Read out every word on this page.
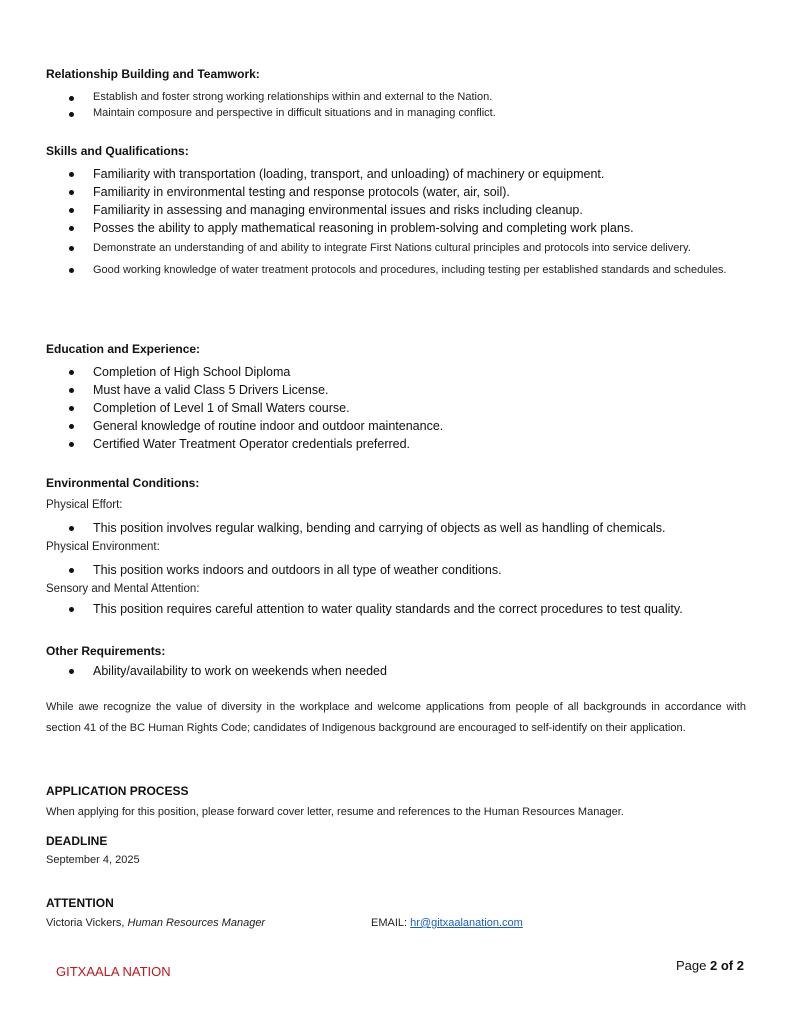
Relationship Building and Teamwork:

Establish and foster strong working relationships within and external to the Nation.
Maintain composure and perspective in difficult situations and in managing conflict.

Skills and Qualifications:

Familiarity with transportation (loading, transport, and unloading) of machinery or equipment.
Familiarity in environmental testing and response protocols (water, air, soil).
Familiarity in assessing and managing environmental issues and risks including cleanup.
Posses the ability to apply mathematical reasoning in problem-solving and completing work plans.
Demonstrate an understanding of and ability to integrate First Nations cultural principles and protocols into service delivery.
Good working knowledge of water treatment protocols and procedures, including testing per established standards and schedules.

Education and Experience:

Completion of High School Diploma
Must have a valid Class 5 Drivers License.
Completion of Level 1 of Small Waters course.
General knowledge of routine indoor and outdoor maintenance.
Certified Water Treatment Operator credentials preferred.

Environmental Conditions:

Physical Effort:

This position involves regular walking, bending and carrying of objects as well as handling of chemicals.

Physical Environment:

This position works indoors and outdoors in all type of weather conditions.

Sensory and Mental Attention:

This position requires careful attention to water quality standards and the correct procedures to test quality.

Other Requirements:

Ability/availability to work on weekends when needed

While awe recognize the value of diversity in the workplace and welcome applications from people of all backgrounds in accordance with section 41 of the BC Human Rights Code; candidates of Indigenous background are encouraged to self-identify on their application.

APPLICATION PROCESS

When applying for this position, please forward cover letter, resume and references to the Human Resources Manager.

DEADLINE

September 4, 2025

ATTENTION

Victoria Vickers, Human Resources Manager	EMAIL: hr@gitxaalanation.com
GITXAALA NATION	Page 2 of 2
